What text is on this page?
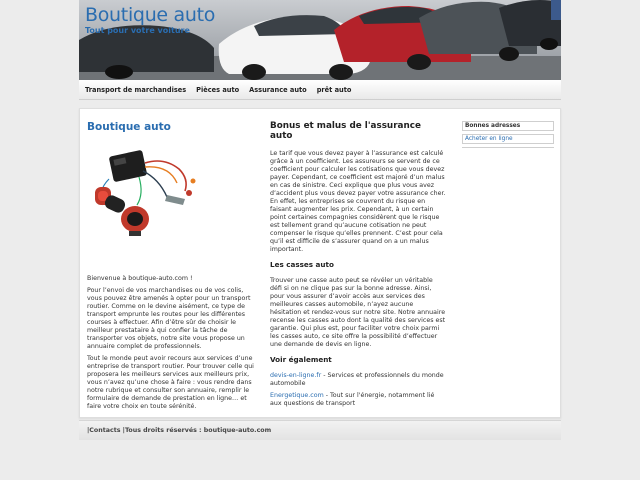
Boutique auto
Tout pour votre voiture
Transport de marchandises Pièces auto Assurance auto prêt auto
Boutique auto

Bienvenue à boutique-auto.com !

Pour l’envoi de vos marchandises ou de vos colis, vous pouvez être amenés à opter pour un transport routier. Comme on le devine aisément, ce type de transport emprunte les routes pour les différentes courses à effectuer. Afin d’être sûr de choisir le meilleur prestataire à qui confier la tâche de transporter vos objets, notre site vous propose un annuaire complet de professionnels.

Tout le monde peut avoir recours aux services d’une entreprise de transport routier. Pour trouver celle qui proposera les meilleurs services aux meilleurs prix, vous n’avez qu’une chose à faire : vous rendre dans notre rubrique et consulter son annuaire, remplir le formulaire de demande de prestation en ligne… et faire votre choix en toute sérénité.

Bonus et malus de l'assurance auto

Le tarif que vous devez payer à l’assurance est calculé grâce à un coefficient. Les assureurs se servent de ce coefficient pour calculer les cotisations que vous devez payer. Cependant, ce coefficient est majoré d’un malus en cas de sinistre. Ceci explique que plus vous avez d’accident plus vous devez payer votre assurance cher. En effet, les entreprises se couvrent du risque en faisant augmenter les prix. Cependant, à un certain point certaines compagnies considèrent que le risque est tellement grand qu’aucune cotisation ne peut compenser le risque qu’elles prennent. C’est pour cela qu’il est difficile de s’assurer quand on a un malus important.

Les casses auto

Trouver une casse auto peut se révéler un véritable défi si on ne clique pas sur la bonne adresse. Ainsi, pour vous assurer d’avoir accès aux services des meilleures casses automobile, n’ayez aucune hésitation et rendez-vous sur notre site. Notre annuaire recense les casses auto dont la qualité des services est garantie. Qui plus est, pour faciliter votre choix parmi les casses auto, ce site offre la possibilité d’effectuer une demande de devis en ligne.

Voir également

devis-en-ligne.fr - Services et professionnels du monde automobile

Energetique.com - Tout sur l'énergie, notamment lié aux questions de transport

Bonnes adresses
Acheter en ligne
|Contacts |Tous droits réservés : boutique-auto.com
